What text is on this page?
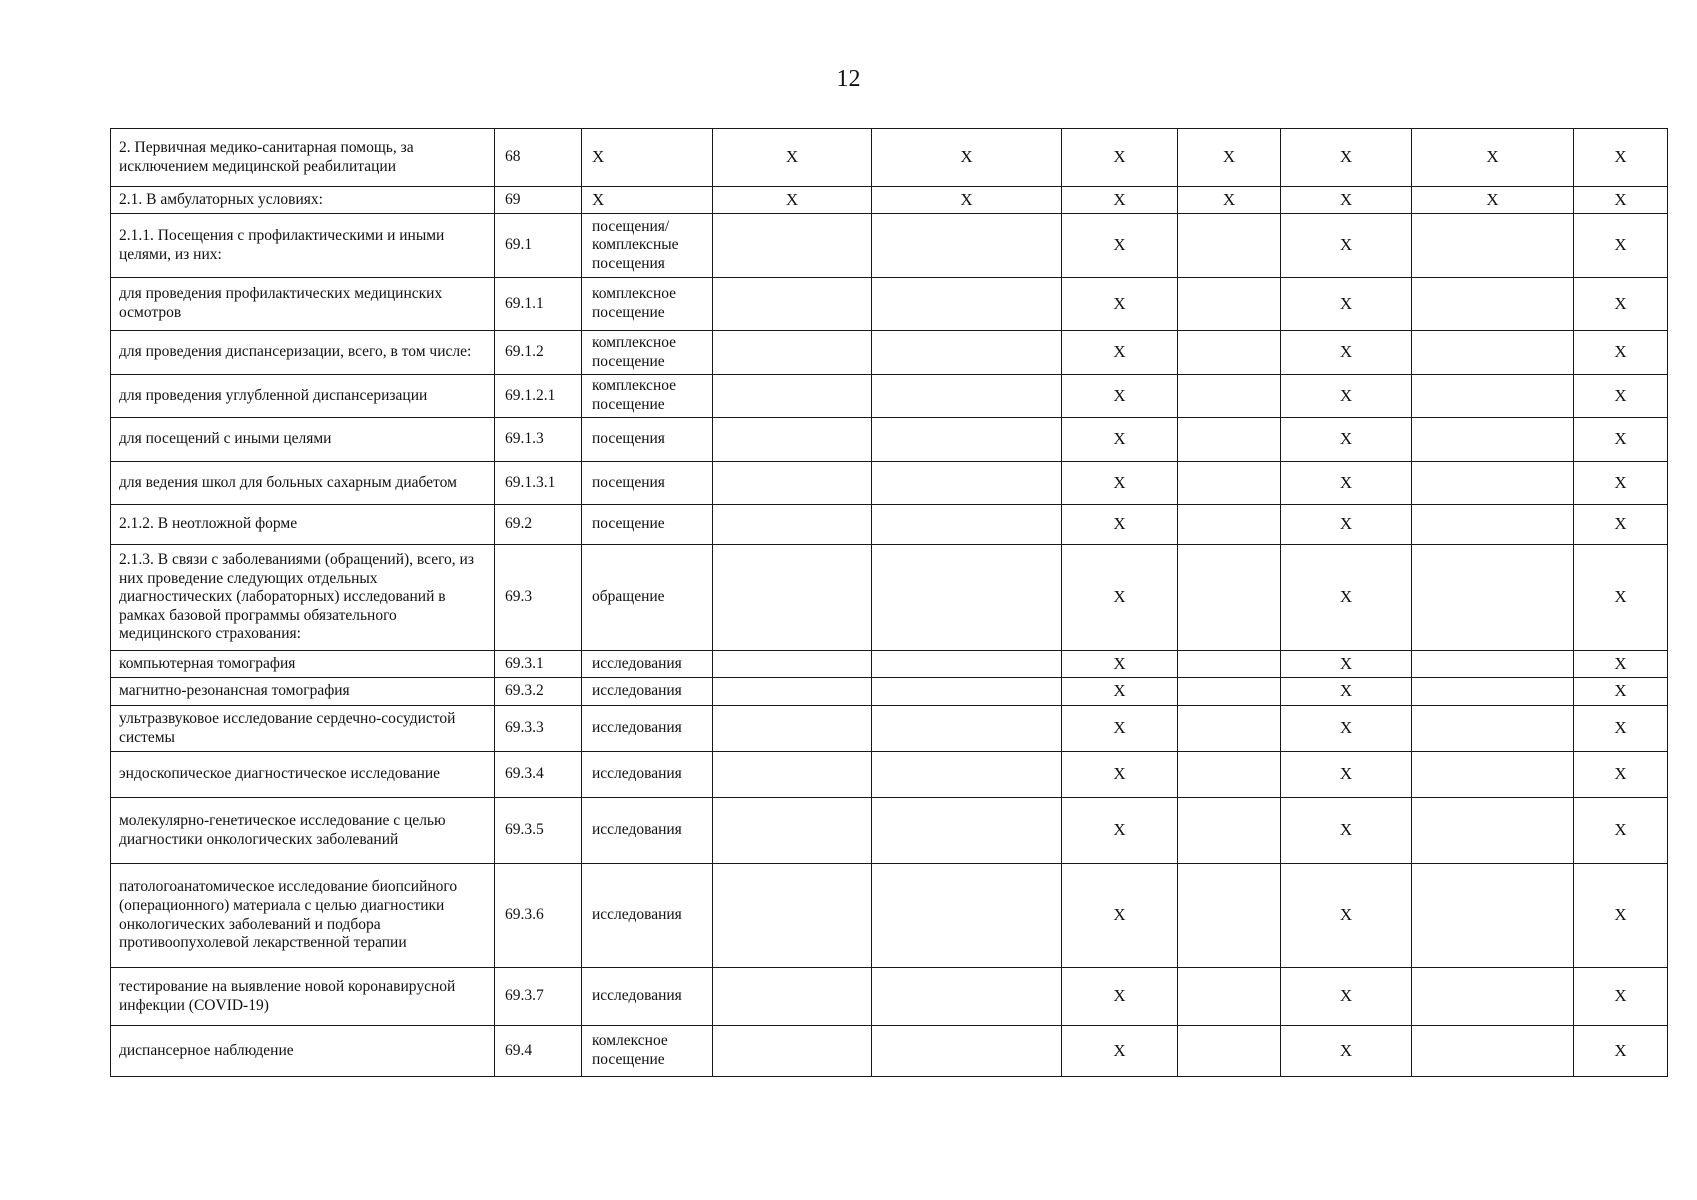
12
2. Первичная медико-санитарная помощь, за исключением медицинской реабилитации	68	Х	Х	Х	Х	Х	Х	Х	Х
2.1. В амбулаторных условиях:	69	Х	Х	Х	Х	Х	Х	Х	Х
2.1.1. Посещения с профилактическими и иными целями, из них:	69.1	посещения/ комплексные посещения			Х		Х		Х
для проведения профилактических медицинских осмотров	69.1.1	комплексное посещение			Х		Х		Х
для проведения диспансеризации, всего, в том числе:	69.1.2	комплексное посещение			Х		Х		Х
для проведения углубленной диспансеризации	69.1.2.1	комплексное посещение			Х		Х		Х
для посещений с иными целями	69.1.3	посещения			Х		Х		Х
для ведения школ для больных сахарным диабетом	69.1.3.1	посещения			Х		Х		Х
2.1.2. В неотложной форме	69.2	посещение			Х		Х		Х
2.1.3. В связи с заболеваниями (обращений), всего, из них проведение следующих отдельных диагностических (лабораторных) исследований в рамках базовой программы обязательного медицинского страхования:	69.3	обращение			Х		Х		Х
компьютерная томография	69.3.1	исследования			Х		Х		Х
магнитно-резонансная томография	69.3.2	исследования			Х		Х		Х
ультразвуковое исследование сердечно-сосудистой системы	69.3.3	исследования			Х		Х		Х
эндоскопическое диагностическое исследование	69.3.4	исследования			Х		Х		Х
молекулярно-генетическое исследование с целью диагностики онкологических заболеваний	69.3.5	исследования			Х		Х		Х
патологоанатомическое исследование биопсийного (операционного) материала с целью диагностики онкологических заболеваний и подбора противоопухолевой лекарственной терапии	69.3.6	исследования			Х		Х		Х
тестирование на выявление новой коронавирусной инфекции (COVID-19)	69.3.7	исследования			Х		Х		Х
диспансерное наблюдение	69.4	комлексное посещение			Х		Х		Х
